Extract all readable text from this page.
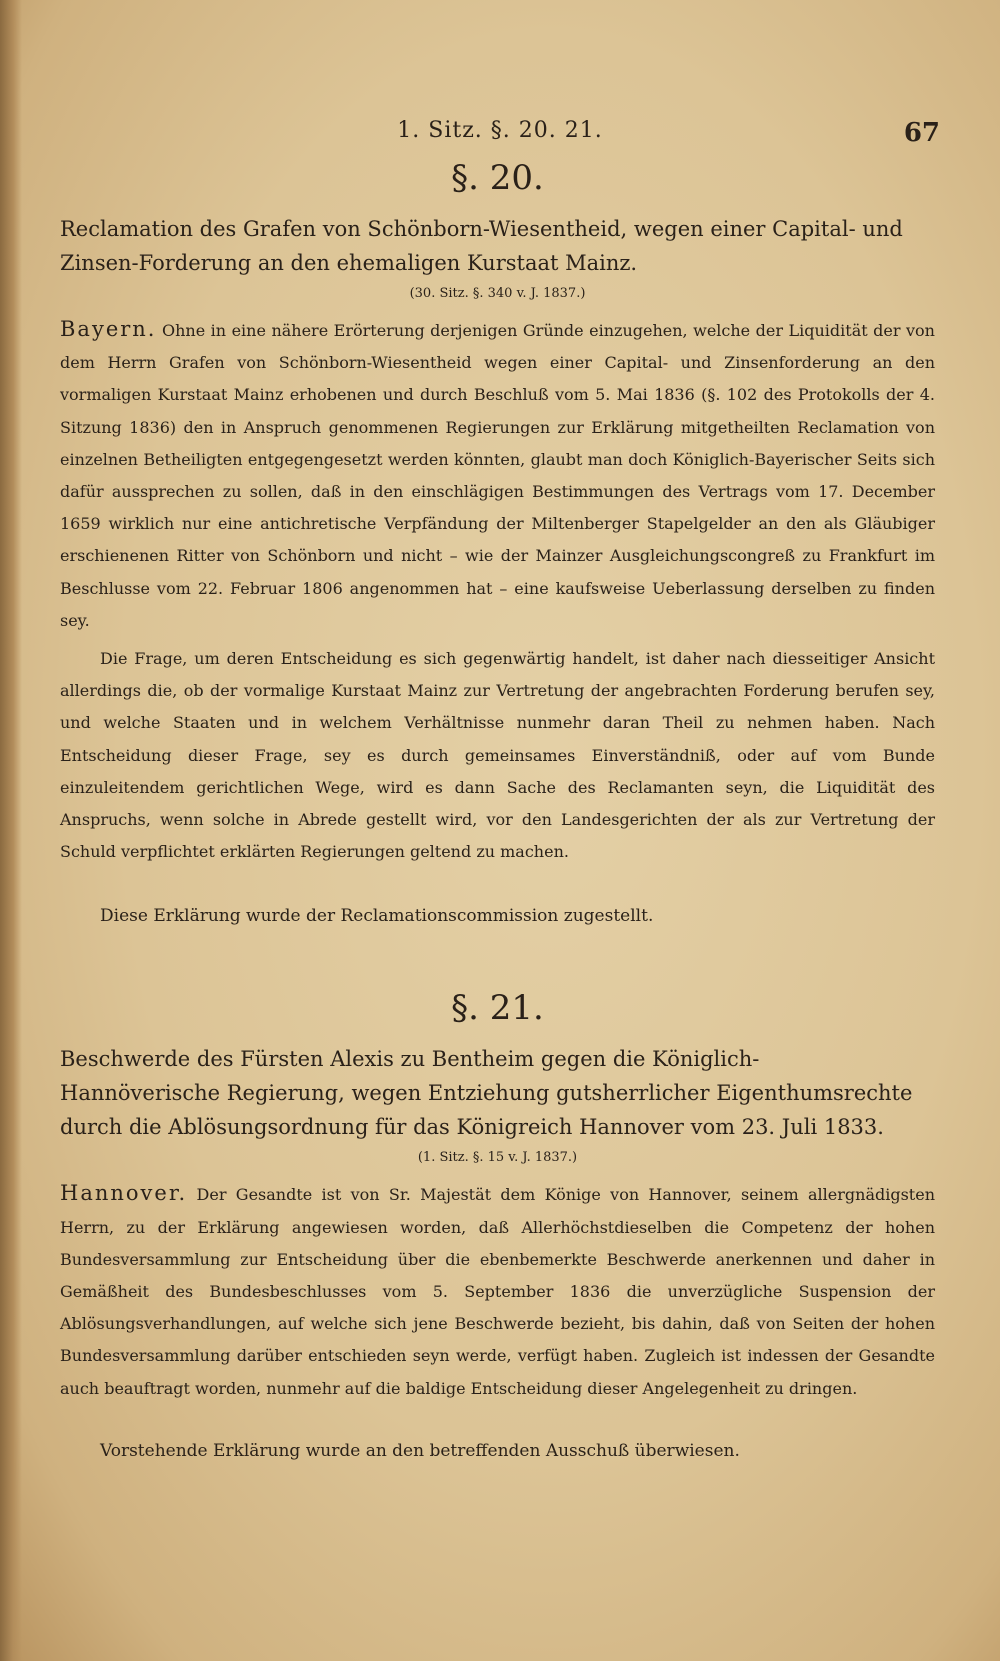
1. Sitz. §. 20. 21.	67
§. 20.
Reclamation des Grafen von Schönborn-Wiesentheid, wegen einer Capital- und Zinsen-Forderung an den ehemaligen Kurstaat Mainz.
(30. Sitz. §. 340 v. J. 1837.)

Bayern. Ohne in eine nähere Erörterung derjenigen Gründe einzugehen, welche der Liquidität der von dem Herrn Grafen von Schönborn-Wiesentheid wegen einer Capital- und Zinsenforderung an den vormaligen Kurstaat Mainz erhobenen und durch Beschluß vom 5. Mai 1836 (§. 102 des Protokolls der 4. Sitzung 1836) den in Anspruch genommenen Regierungen zur Erklärung mitgetheilten Reclamation von einzelnen Betheiligten entgegengesetzt werden könnten, glaubt man doch Königlich-Bayerischer Seits sich dafür aussprechen zu sollen, daß in den einschlägigen Bestimmungen des Vertrags vom 17. December 1659 wirklich nur eine antichretische Verpfändung der Miltenberger Stapelgelder an den als Gläubiger erschienenen Ritter von Schönborn und nicht – wie der Mainzer Ausgleichungscongreß zu Frankfurt im Beschlusse vom 22. Februar 1806 angenommen hat – eine kaufsweise Ueberlassung derselben zu finden sey.

Die Frage, um deren Entscheidung es sich gegenwärtig handelt, ist daher nach diesseitiger Ansicht allerdings die, ob der vormalige Kurstaat Mainz zur Vertretung der angebrachten Forderung berufen sey, und welche Staaten und in welchem Verhältnisse nunmehr daran Theil zu nehmen haben. Nach Entscheidung dieser Frage, sey es durch gemeinsames Einverständniß, oder auf vom Bunde einzuleitendem gerichtlichen Wege, wird es dann Sache des Reclamanten seyn, die Liquidität des Anspruchs, wenn solche in Abrede gestellt wird, vor den Landesgerichten der als zur Vertretung der Schuld verpflichtet erklärten Regierungen geltend zu machen.

Diese Erklärung wurde der Reclamationscommission zugestellt.
§. 21.
Beschwerde des Fürsten Alexis zu Bentheim gegen die Königlich-Hannöverische Regierung, wegen Entziehung gutsherrlicher Eigenthumsrechte durch die Ablösungsordnung für das Königreich Hannover vom 23. Juli 1833.
(1. Sitz. §. 15 v. J. 1837.)

Hannover. Der Gesandte ist von Sr. Majestät dem Könige von Hannover, seinem allergnädigsten Herrn, zu der Erklärung angewiesen worden, daß Allerhöchstdieselben die Competenz der hohen Bundesversammlung zur Entscheidung über die ebenbemerkte Beschwerde anerkennen und daher in Gemäßheit des Bundesbeschlusses vom 5. September 1836 die unverzügliche Suspension der Ablösungsverhandlungen, auf welche sich jene Beschwerde bezieht, bis dahin, daß von Seiten der hohen Bundesversammlung darüber entschieden seyn werde, verfügt haben. Zugleich ist indessen der Gesandte auch beauftragt worden, nunmehr auf die baldige Entscheidung dieser Angelegenheit zu dringen.

Vorstehende Erklärung wurde an den betreffenden Ausschuß überwiesen.
